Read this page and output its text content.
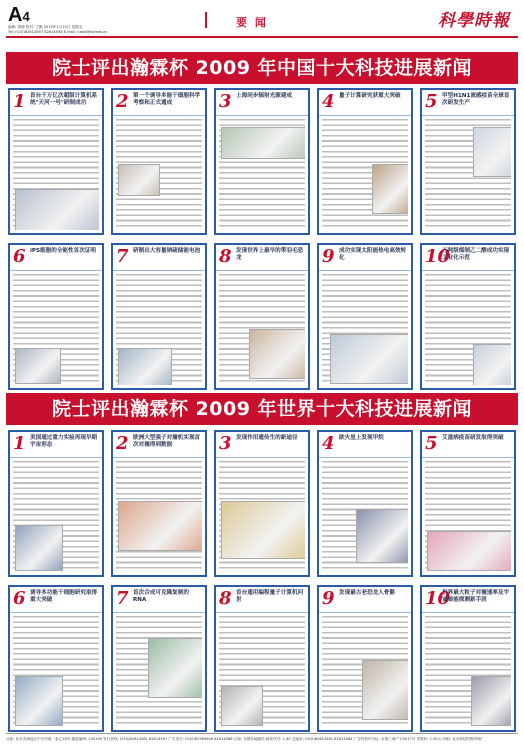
A4
编辑: 胡俊 校对: 王勤 2010年1月22日 星期五
Tel: (010)82614597 82614598 E-mail: news@stimes.cn
要 闻	科學時報
院士评出瀚霖杯 2009 年中国十大科技进展新闻
1 首台千万亿次超级计算机系统"天河一号"研制成功	2 第一个诱导多能干细胞科学考察和正式通成	3 上海同步辐射光源建成	4 量子计算研究获重大突破	5 甲型H1N1流感疫苗全球首次研发生产
6 iPS细胞的全能性首次证明 7 研制出大容量钠硫储能电池 8 发现世界上最早的带羽毛恐龙	9 成功实现太阳能热电高效转化	10
万吨级煤制乙二醇成功实现工业化示范
院士评出瀚霖杯 2009 年世界十大科技进展新闻
1 美国通过重力实验再现早期宇宙形态	2 欧洲大型强子对撞机实现首次对撞得到数据	3 发现作用遗传生的新途径	4 欧火星上发现甲烷	5 艾滋病疫苗研发取得突破
6 诱导多功能干细胞研究取得重大突破	7 首次合成可克隆复制的RNA	8 首台通用编程量子计算机问世	9 发现最古老恐龙人骨骼	10
世界最大粒子对撞速率及宇宙暗能探测新手段
社址: 北京市海淀区中关村南一条乙16号 邮政编码: 100190 发行热线: (010)82614581 82614597 广告发行: (010)62580646 82614588 订阅: 全国各地邮局 邮发代号: 1-82 总编室: (010)82614582 82614584 广告经营许可证: 京海工商广字0017号 零售价: 1.00元 印刷: 北京科技时报印刷厂
